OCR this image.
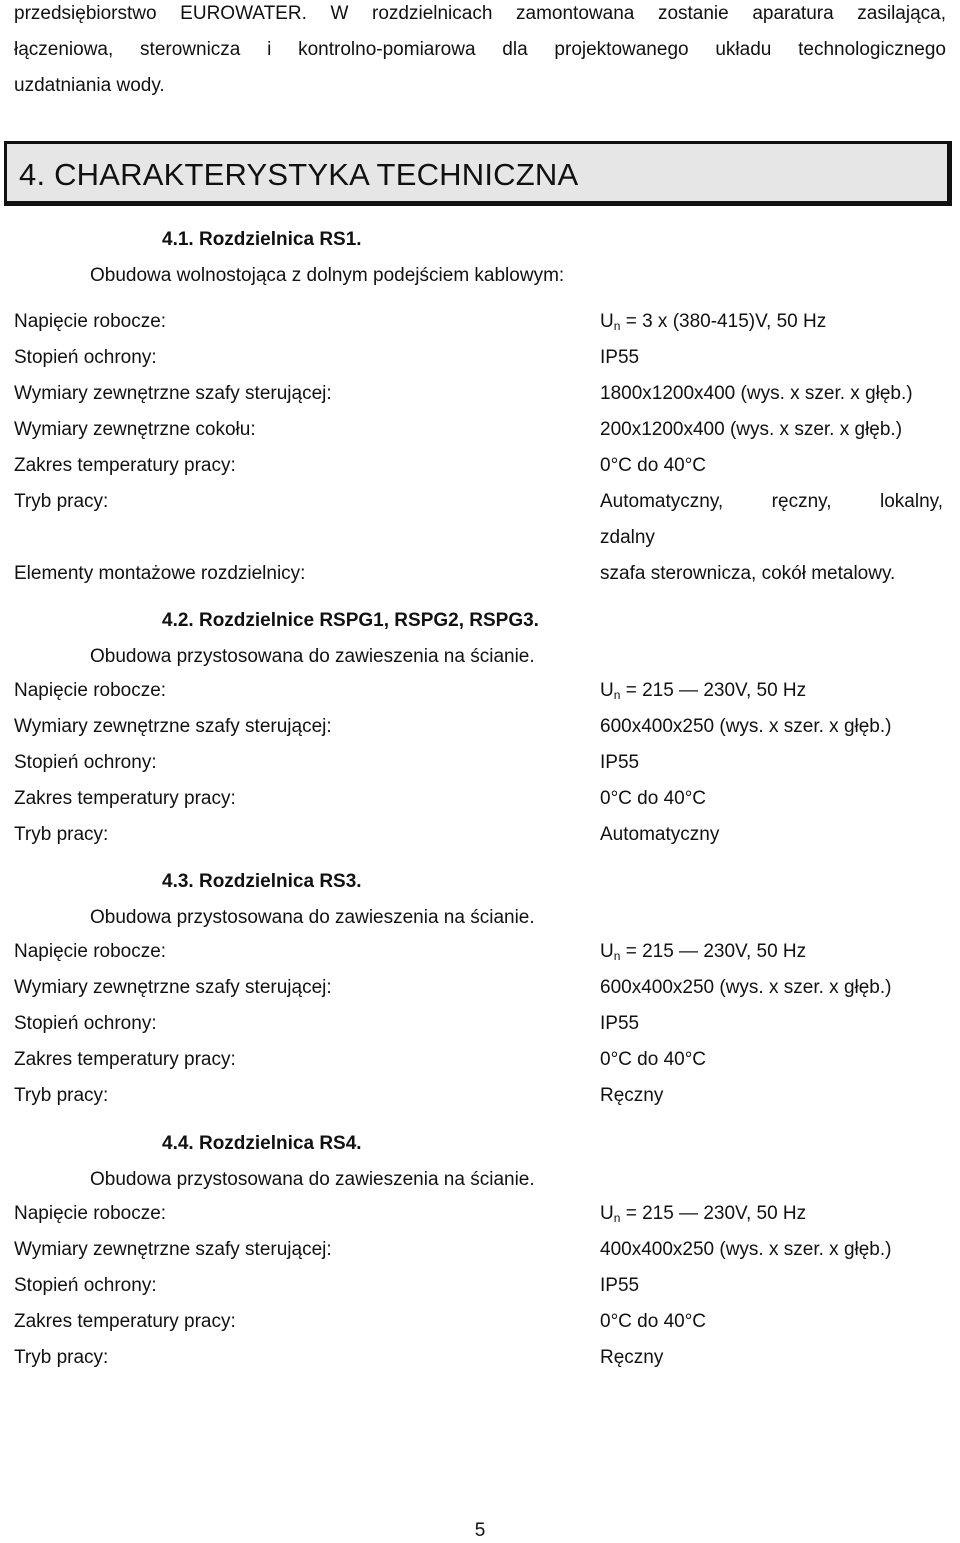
przedsiębiorstwo EUROWATER. W rozdzielnicach zamontowana zostanie aparatura zasilająca,
łączeniowa, sterownicza i kontrolno-pomiarowa dla projektowanego układu technologicznego
uzdatniania wody.
4. CHARAKTERYSTYKA TECHNICZNA
4.1. Rozdzielnica RS1.
Obudowa wolnostojąca z dolnym podejściem kablowym:
Napięcie robocze:	$U_n = 3$ x (380-415)V, 50 Hz
Stopień ochrony:	IP55
Wymiary zewnętrzne szafy sterującej:	1800x1200x400 (wys. x szer. x głęb.)
Wymiary zewnętrzne cokołu:	200x1200x400 (wys. x szer. x głęb.)
Zakres temperatury pracy:	0°C do 40°C
Tryb pracy:	Automatyczny, ręczny, lokalny,
zdalny
Elementy montażowe rozdzielnicy:	szafa sterownicza, cokół metalowy.
4.2. Rozdzielnice RSPG1, RSPG2, RSPG3.
Obudowa przystosowana do zawieszenia na ścianie.
Napięcie robocze:	$U_n = 215$ — 230V, 50 Hz
Wymiary zewnętrzne szafy sterującej:	600x400x250 (wys. x szer. x głęb.)
Stopień ochrony:	IP55
Zakres temperatury pracy:	0°C do 40°C
Tryb pracy:	Automatyczny
4.3. Rozdzielnica RS3.
Obudowa przystosowana do zawieszenia na ścianie.
Napięcie robocze:	$U_n = 215$ — 230V, 50 Hz
Wymiary zewnętrzne szafy sterującej:	600x400x250 (wys. x szer. x głęb.)
Stopień ochrony:	IP55
Zakres temperatury pracy:	0°C do 40°C
Tryb pracy:	Ręczny
4.4. Rozdzielnica RS4.
Obudowa przystosowana do zawieszenia na ścianie.
Napięcie robocze:	$U_n = 215$ — 230V, 50 Hz
Wymiary zewnętrzne szafy sterującej:	400x400x250 (wys. x szer. x głęb.)
Stopień ochrony:	IP55
Zakres temperatury pracy:	0°C do 40°C
Tryb pracy:	Ręczny
5
